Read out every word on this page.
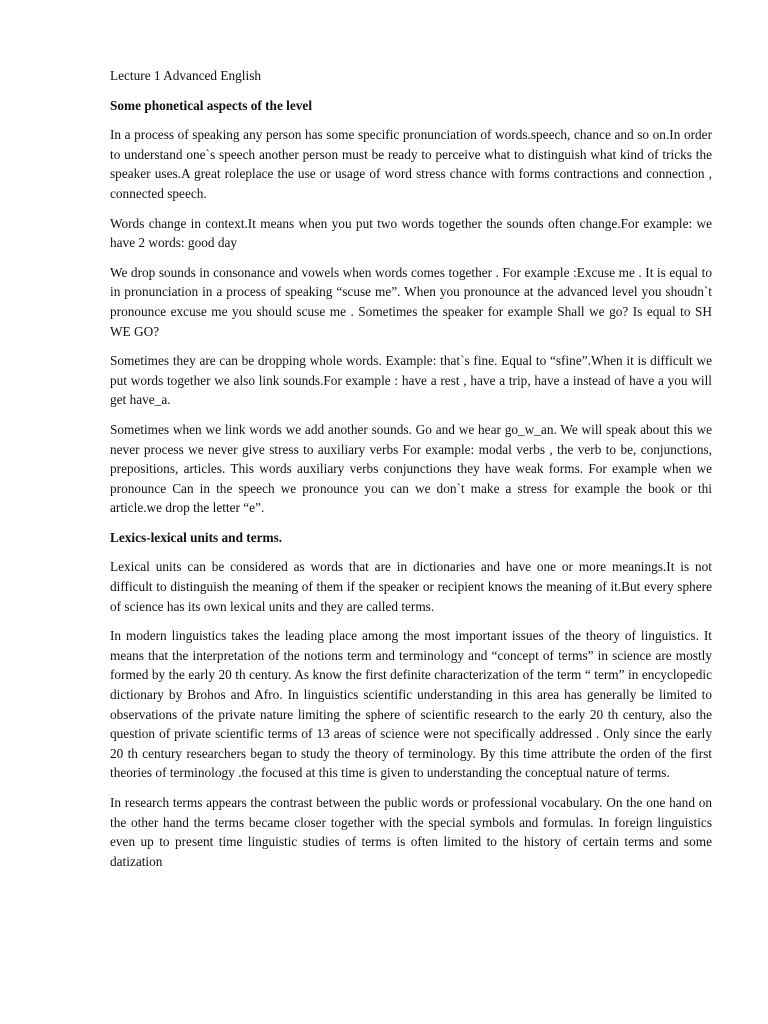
Lecture 1 Advanced English

Some phonetical aspects of the level

In a process of speaking any person has some specific pronunciation of words.speech, chance and so on.In order to understand one`s speech another person must be ready to perceive what to distinguish what kind of tricks the speaker uses.A great roleplace the use or usage of word stress chance with forms contractions and connection , connected speech.

Words change in context.It means when you put two words together the sounds often change.For example: we have 2 words: good day

We drop sounds in consonance and vowels when words comes together . For example :Excuse me . It is equal to in pronunciation in a process of speaking “scuse me”. When you pronounce at the advanced level you shoudn`t pronounce excuse me you should scuse me . Sometimes the speaker for example Shall we go? Is equal to SH WE GO?

Sometimes they are can be dropping whole words. Example: that`s fine. Equal to “sfine”.When it is difficult we put words together we also link sounds.For example : have a rest , have a trip, have a instead of have a you will get have_a.

Sometimes when we link words we add another sounds. Go and we hear go_w_an. We will speak about this we never process we never give stress to auxiliary verbs For example: modal verbs , the verb to be, conjunctions, prepositions, articles. This words auxiliary verbs conjunctions they have weak forms. For example when we pronounce Can in the speech we pronounce you can we don`t make a stress for example the book or thi article.we drop the letter “e”.

Lexics-lexical units and terms.

Lexical units can be considered as words that are in dictionaries and have one or more meanings.It is not difficult to distinguish the meaning of them if the speaker or recipient knows the meaning of it.But every sphere of science has its own lexical units and they are called terms.

In modern linguistics takes the leading place among the most important issues of the theory of linguistics. It means that the interpretation of the notions term and terminology and “concept of terms” in science are mostly formed by the early 20 th century. As know the first definite characterization of the term “ term” in encyclopedic dictionary by Brohos and Afro. In linguistics scientific understanding in this area has generally be limited to observations of the private nature limiting the sphere of scientific research to the early 20 th century, also the question of private scientific terms of 13 areas of science were not specifically addressed . Only since the early 20 th century researchers began to study the theory of terminology. By this time attribute the orden of the first theories of terminology .the focused at this time is given to understanding the conceptual nature of terms.

In research terms appears the contrast between the public words or professional vocabulary. On the one hand on the other hand the terms became closer together with the special symbols and formulas. In foreign linguistics even up to present time linguistic studies of terms is often limited to the history of certain terms and some datization
